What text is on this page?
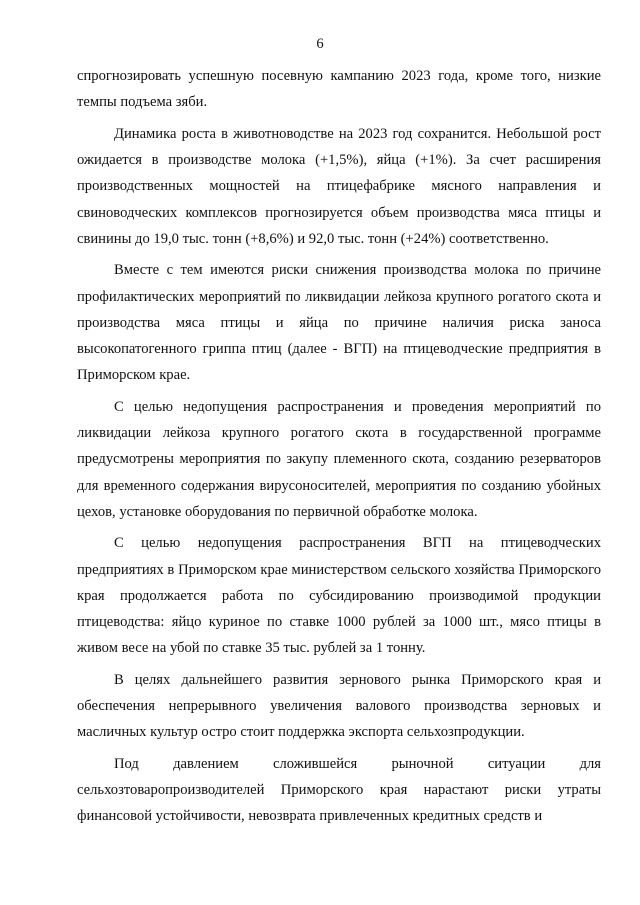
6

спрогнозировать успешную посевную кампанию 2023 года, кроме того, низкие темпы подъема зяби.

Динамика роста в животноводстве на 2023 год сохранится. Небольшой рост ожидается в производстве молока (+1,5%), яйца (+1%). За счет расширения производственных мощностей на птицефабрике мясного направления и свиноводческих комплексов прогнозируется объем производства мяса птицы и свинины до 19,0 тыс. тонн (+8,6%) и 92,0 тыс. тонн (+24%) соответственно.

Вместе с тем имеются риски снижения производства молока по причине профилактических мероприятий по ликвидации лейкоза крупного рогатого скота и производства мяса птицы и яйца по причине наличия риска заноса высокопатогенного гриппа птиц (далее - ВГП) на птицеводческие предприятия в Приморском крае.

С целью недопущения распространения и проведения мероприятий по ликвидации лейкоза крупного рогатого скота в государственной программе предусмотрены мероприятия по закупу племенного скота, созданию резерваторов для временного содержания вирусоносителей, мероприятия по созданию убойных цехов, установке оборудования по первичной обработке молока.

С целью недопущения распространения ВГП на птицеводческих предприятиях в Приморском крае министерством сельского хозяйства Приморского края продолжается работа по субсидированию производимой продукции птицеводства: яйцо куриное по ставке 1000 рублей за 1000 шт., мясо птицы в живом весе на убой по ставке 35 тыс. рублей за 1 тонну.

В целях дальнейшего развития зернового рынка Приморского края и обеспечения непрерывного увеличения валового производства зерновых и масличных культур остро стоит поддержка экспорта сельхозпродукции.

Под давлением сложившейся рыночной ситуации для сельхозтоваропроизводителей Приморского края нарастают риски утраты финансовой устойчивости, невозврата привлеченных кредитных средств и
